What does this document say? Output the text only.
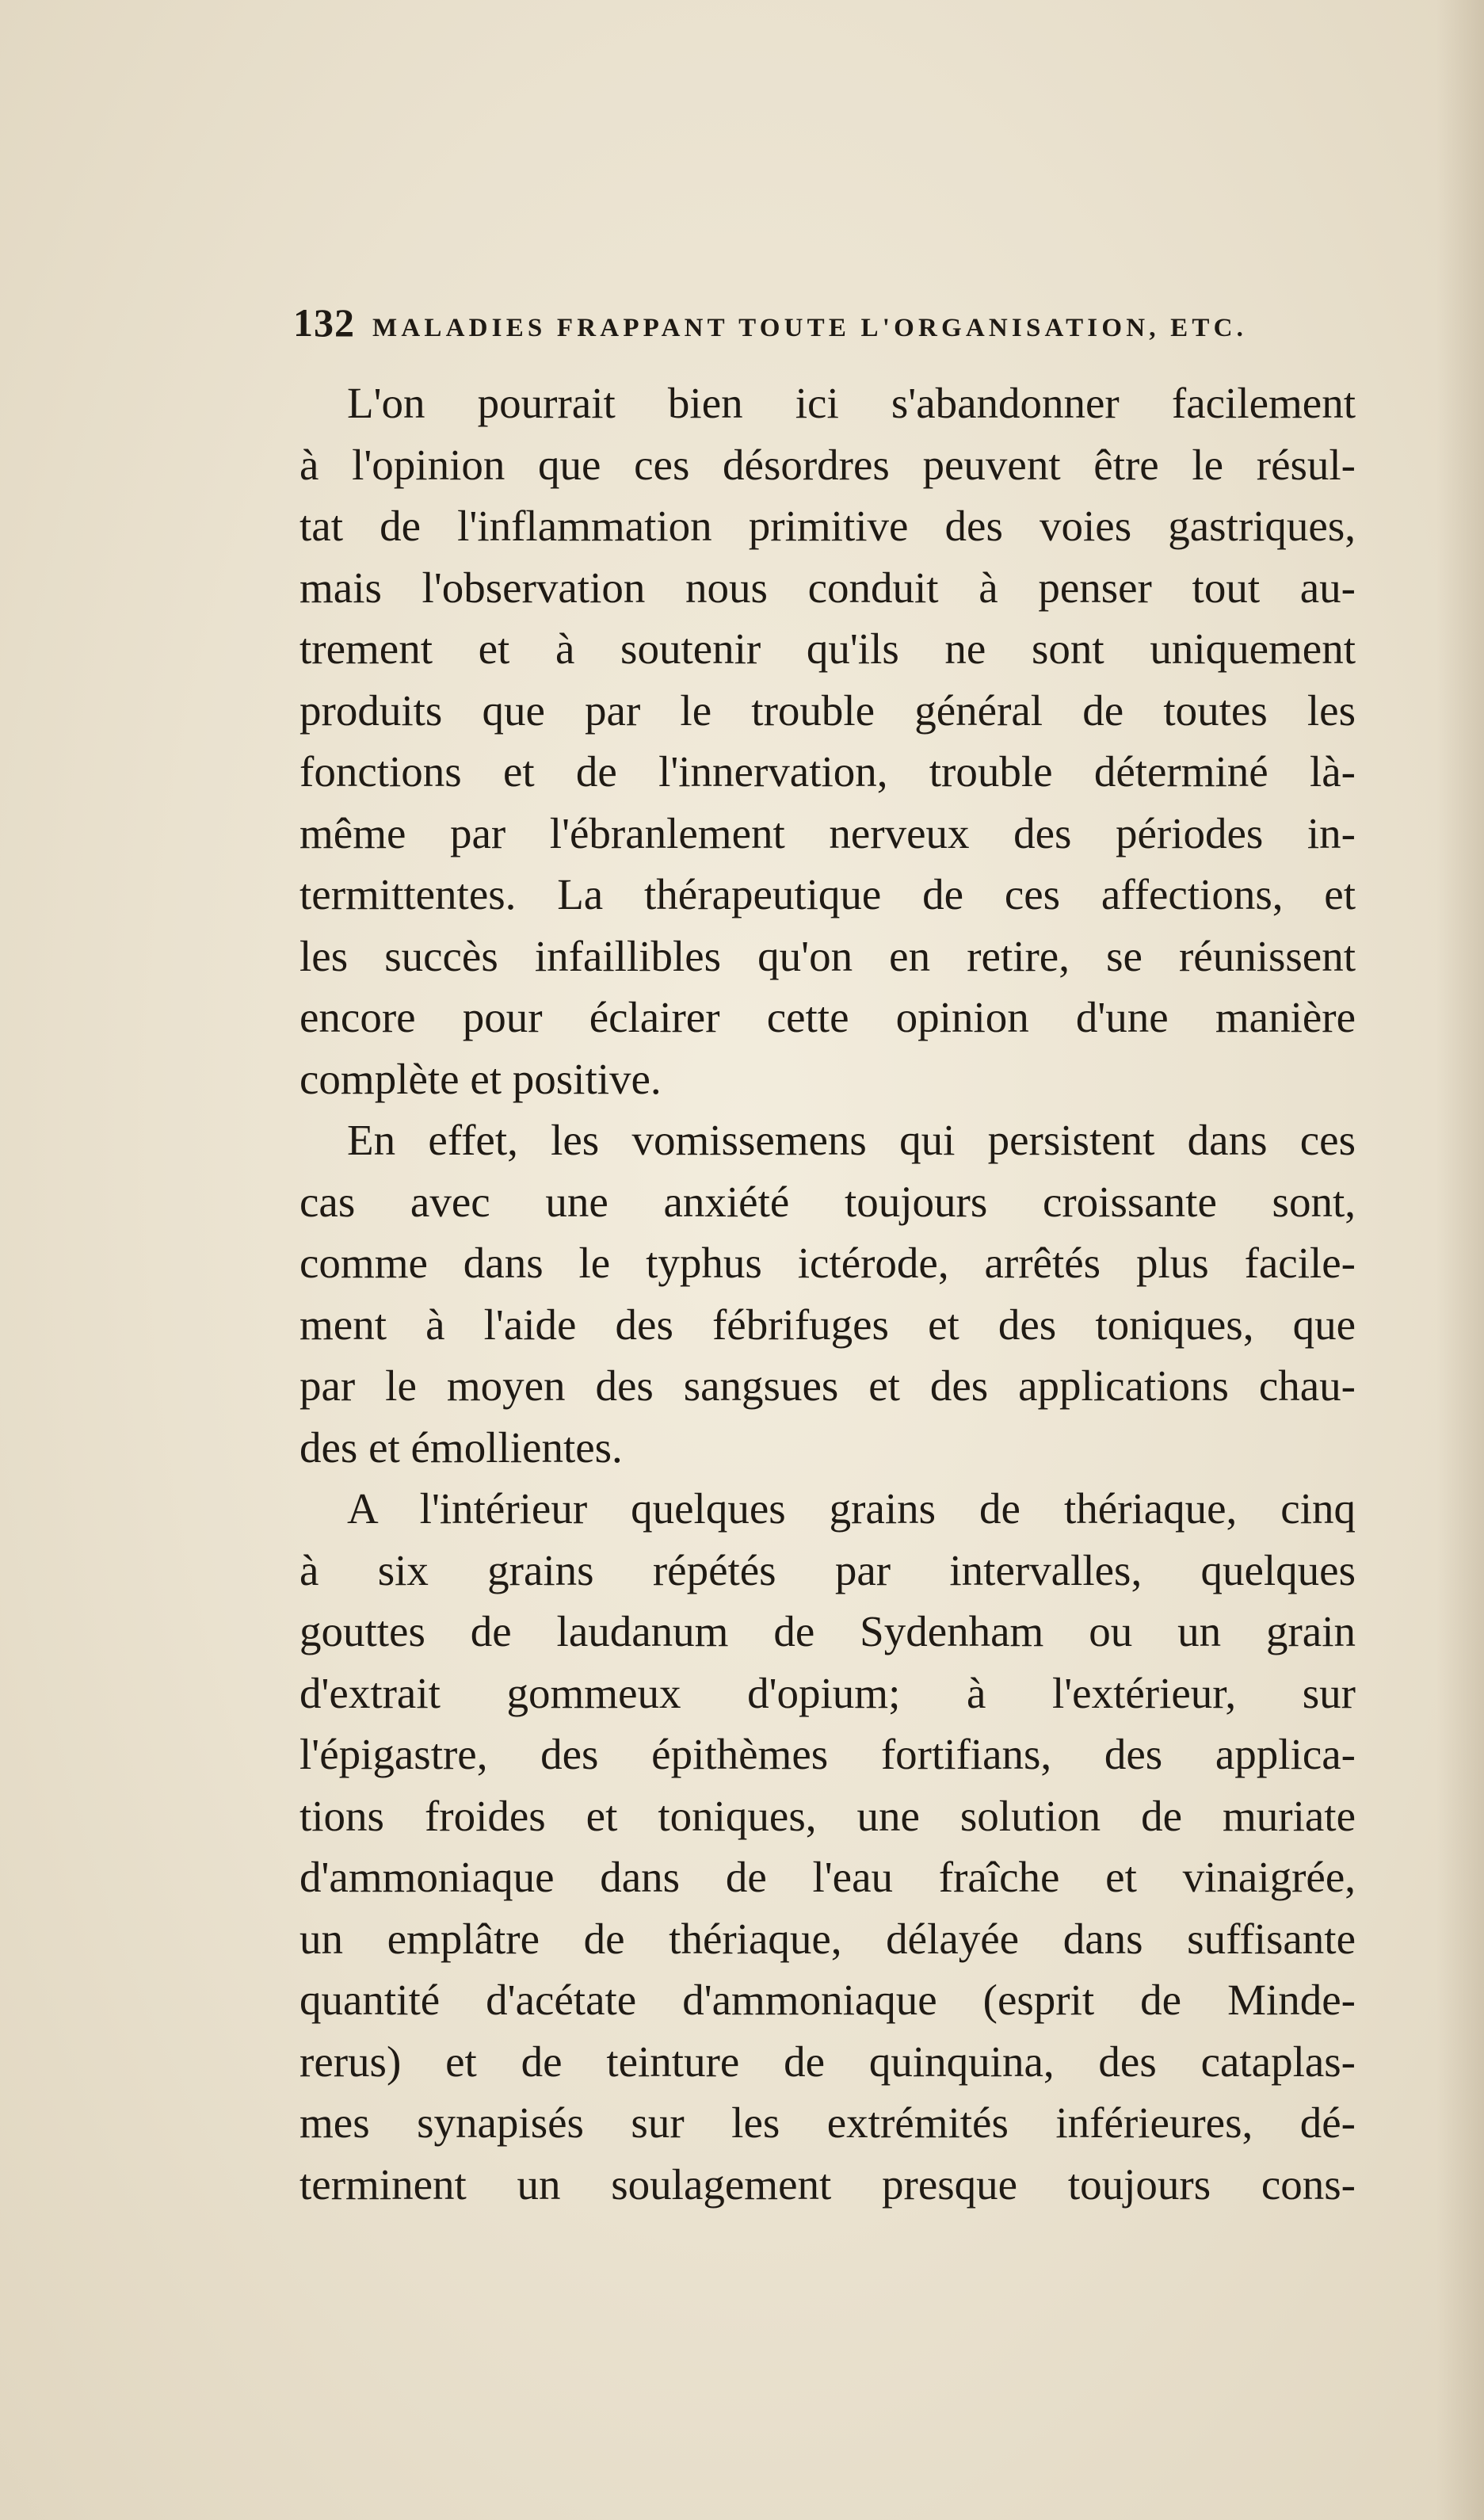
132 MALADIES FRAPPANT TOUTE L'ORGANISATION, ETC.
L'on pourrait bien ici s'abandonner facilement
à l'opinion que ces désordres peuvent être le résul-
tat de l'inflammation primitive des voies gastriques,
mais l'observation nous conduit à penser tout au-
trement et à soutenir qu'ils ne sont uniquement
produits que par le trouble général de toutes les
fonctions et de l'innervation, trouble déterminé là-
même par l'ébranlement nerveux des périodes in-
termittentes. La thérapeutique de ces affections, et
les succès infaillibles qu'on en retire, se réunissent
encore pour éclairer cette opinion d'une manière
complète et positive.
En effet, les vomissemens qui persistent dans ces
cas avec une anxiété toujours croissante sont,
comme dans le typhus ictérode, arrêtés plus facile-
ment à l'aide des fébrifuges et des toniques, que
par le moyen des sangsues et des applications chau-
des et émollientes.
A l'intérieur quelques grains de thériaque, cinq
à six grains répétés par intervalles, quelques
gouttes de laudanum de Sydenham ou un grain
d'extrait gommeux d'opium; à l'extérieur, sur
l'épigastre, des épithèmes fortifians, des applica-
tions froides et toniques, une solution de muriate
d'ammoniaque dans de l'eau fraîche et vinaigrée,
un emplâtre de thériaque, délayée dans suffisante
quantité d'acétate d'ammoniaque (esprit de Minde-
rerus) et de teinture de quinquina, des cataplas-
mes synapisés sur les extrémités inférieures, dé-
terminent un soulagement presque toujours cons-
